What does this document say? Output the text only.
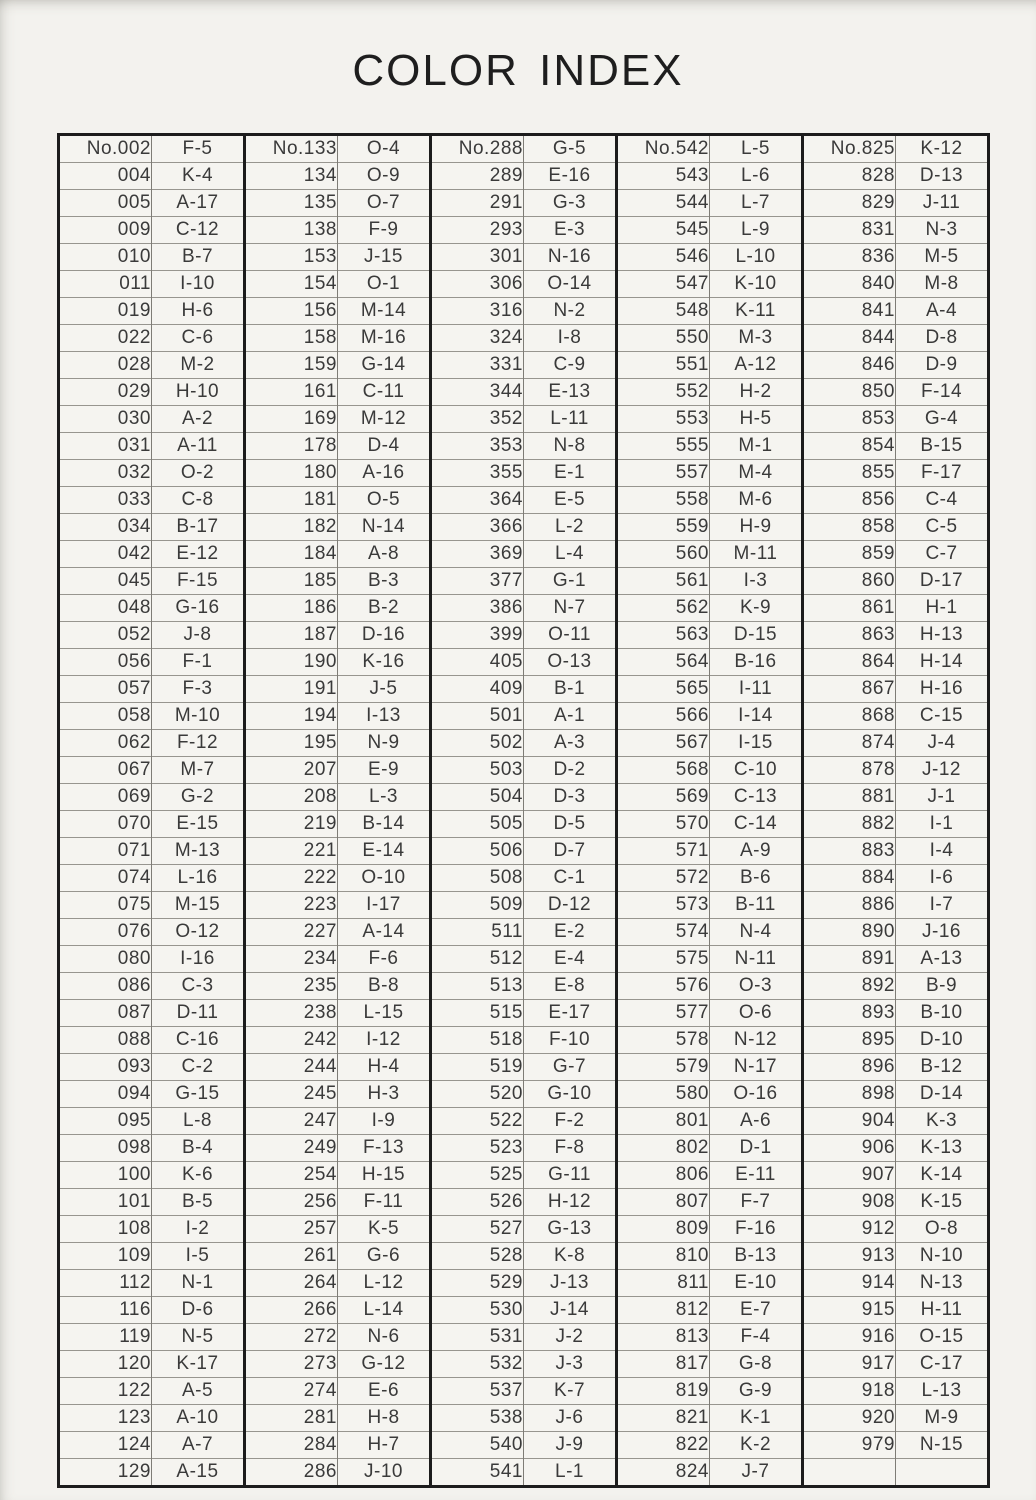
COLOR INDEX
No.002	F-5	No.133	O-4	No.288	G-5	No.542	L-5	No.825	K-12
004	K-4	134	O-9	289	E-16	543	L-6	828	D-13
005	A-17	135	O-7	291	G-3	544	L-7	829	J-11
009	C-12	138	F-9	293	E-3	545	L-9	831	N-3
010	B-7	153	J-15	301	N-16	546	L-10	836	M-5
011	I-10	154	O-1	306	O-14	547	K-10	840	M-8
019	H-6	156	M-14	316	N-2	548	K-11	841	A-4
022	C-6	158	M-16	324	I-8	550	M-3	844	D-8
028	M-2	159	G-14	331	C-9	551	A-12	846	D-9
029	H-10	161	C-11	344	E-13	552	H-2	850	F-14
030	A-2	169	M-12	352	L-11	553	H-5	853	G-4
031	A-11	178	D-4	353	N-8	555	M-1	854	B-15
032	O-2	180	A-16	355	E-1	557	M-4	855	F-17
033	C-8	181	O-5	364	E-5	558	M-6	856	C-4
034	B-17	182	N-14	366	L-2	559	H-9	858	C-5
042	E-12	184	A-8	369	L-4	560	M-11	859	C-7
045	F-15	185	B-3	377	G-1	561	I-3	860	D-17
048	G-16	186	B-2	386	N-7	562	K-9	861	H-1
052	J-8	187	D-16	399	O-11	563	D-15	863	H-13
056	F-1	190	K-16	405	O-13	564	B-16	864	H-14
057	F-3	191	J-5	409	B-1	565	I-11	867	H-16
058	M-10	194	I-13	501	A-1	566	I-14	868	C-15
062	F-12	195	N-9	502	A-3	567	I-15	874	J-4
067	M-7	207	E-9	503	D-2	568	C-10	878	J-12
069	G-2	208	L-3	504	D-3	569	C-13	881	J-1
070	E-15	219	B-14	505	D-5	570	C-14	882	I-1
071	M-13	221	E-14	506	D-7	571	A-9	883	I-4
074	L-16	222	O-10	508	C-1	572	B-6	884	I-6
075	M-15	223	I-17	509	D-12	573	B-11	886	I-7
076	O-12	227	A-14	511	E-2	574	N-4	890	J-16
080	I-16	234	F-6	512	E-4	575	N-11	891	A-13
086	C-3	235	B-8	513	E-8	576	O-3	892	B-9
087	D-11	238	L-15	515	E-17	577	O-6	893	B-10
088	C-16	242	I-12	518	F-10	578	N-12	895	D-10
093	C-2	244	H-4	519	G-7	579	N-17	896	B-12
094	G-15	245	H-3	520	G-10	580	O-16	898	D-14
095	L-8	247	I-9	522	F-2	801	A-6	904	K-3
098	B-4	249	F-13	523	F-8	802	D-1	906	K-13
100	K-6	254	H-15	525	G-11	806	E-11	907	K-14
101	B-5	256	F-11	526	H-12	807	F-7	908	K-15
108	I-2	257	K-5	527	G-13	809	F-16	912	O-8
109	I-5	261	G-6	528	K-8	810	B-13	913	N-10
112	N-1	264	L-12	529	J-13	811	E-10	914	N-13
116	D-6	266	L-14	530	J-14	812	E-7	915	H-11
119	N-5	272	N-6	531	J-2	813	F-4	916	O-15
120	K-17	273	G-12	532	J-3	817	G-8	917	C-17
122	A-5	274	E-6	537	K-7	819	G-9	918	L-13
123	A-10	281	H-8	538	J-6	821	K-1	920	M-9
124	A-7	284	H-7	540	J-9	822	K-2	979	N-15
129	A-15	286	J-10	541	L-1	824	J-7		
